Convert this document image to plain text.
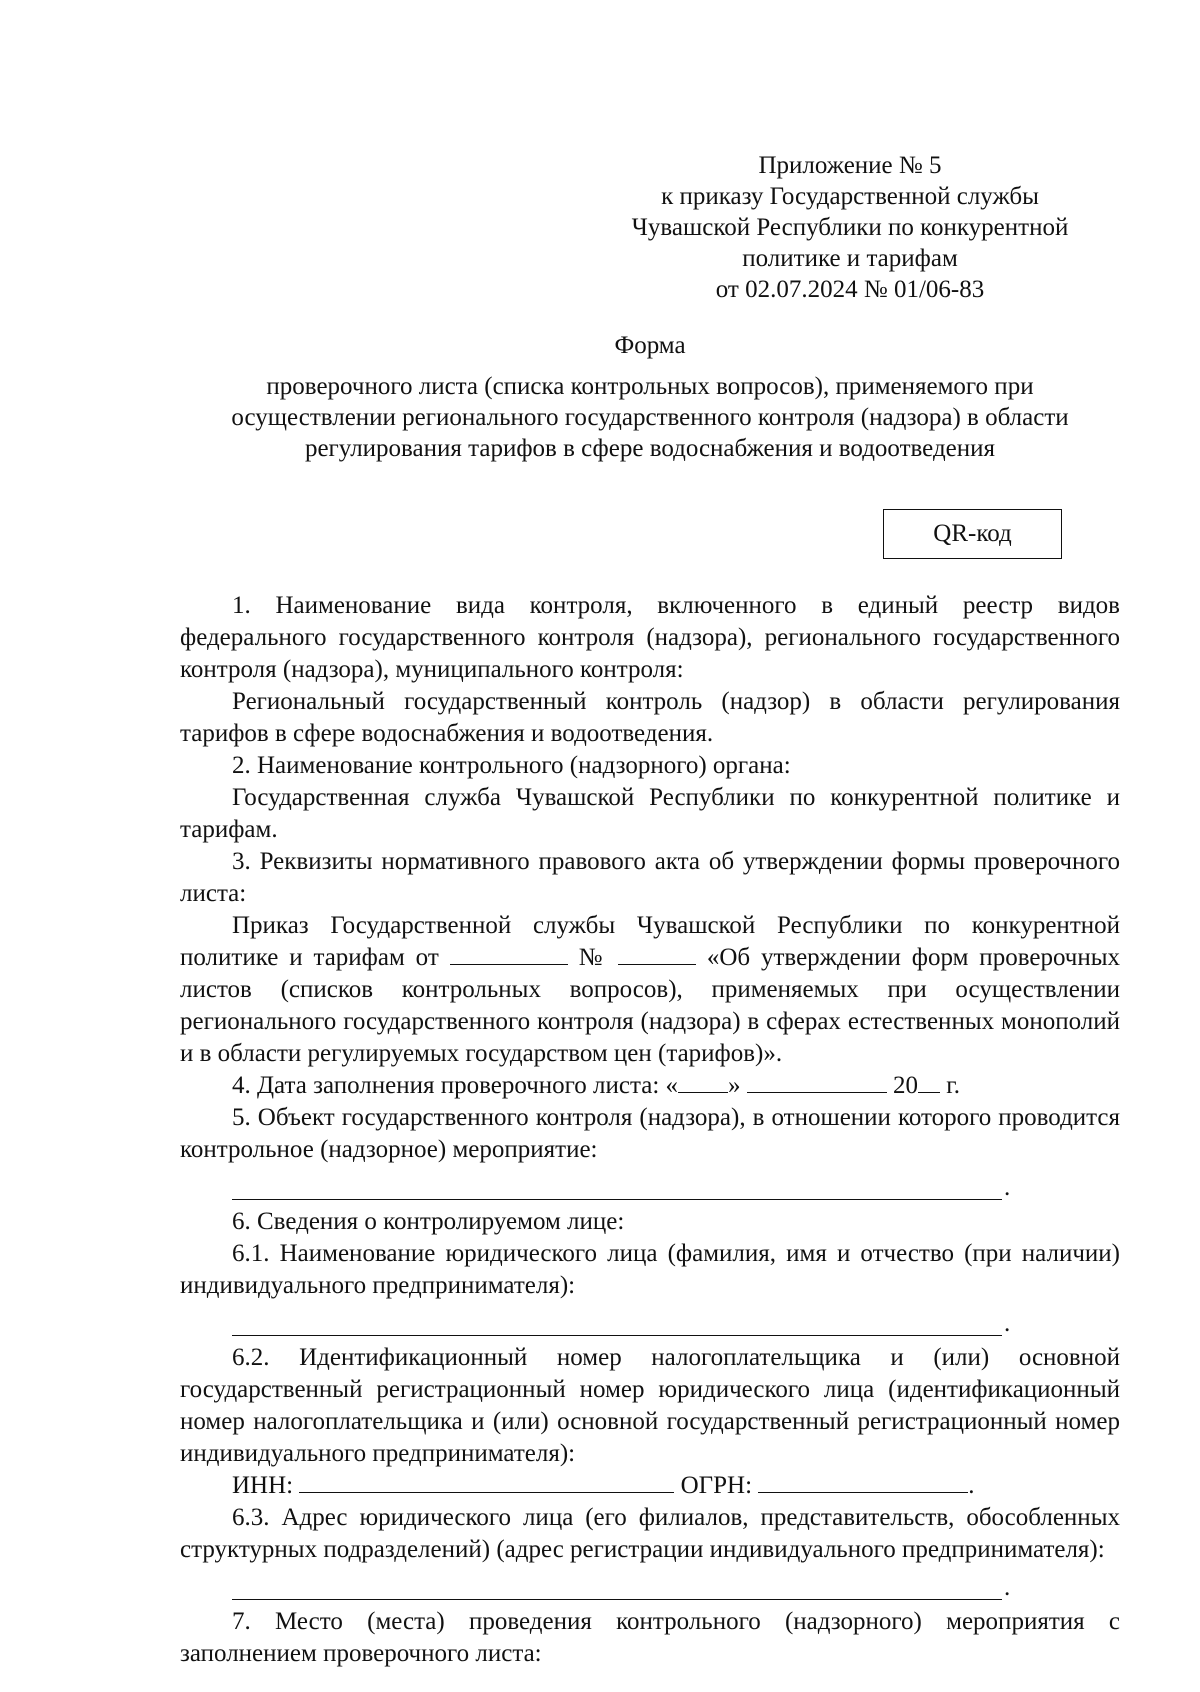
Приложение № 5
к приказу Государственной службы
Чувашской Республики по конкурентной
политике и тарифам
от 02.07.2024 № 01/06-83
Форма
проверочного листа (списка контрольных вопросов), применяемого при
осуществлении регионального государственного контроля (надзора) в области
регулирования тарифов в сфере водоснабжения и водоотведения
QR-код

1. Наименование вида контроля, включенного в единый реестр видов федерального государственного контроля (надзора), регионального государственного контроля (надзора), муниципального контроля:

Региональный государственный контроль (надзор) в области регулирования тарифов в сфере водоснабжения и водоотведения.

2. Наименование контрольного (надзорного) органа:

Государственная служба Чувашской Республики по конкурентной политике и тарифам.

3. Реквизиты нормативного правового акта об утверждении формы проверочного листа:

Приказ Государственной службы Чувашской Республики по конкурентной политике и тарифам от	№	«Об утверждении форм проверочных листов (списков контрольных вопросов), применяемых при осуществлении регионального государственного контроля (надзора) в сферах естественных монополий и в области регулируемых государством цен (тарифов)».

4. Дата заполнения проверочного листа: « »	20 г.

5. Объект государственного контроля (надзора), в отношении которого проводится контрольное (надзорное) мероприятие:

.

6. Сведения о контролируемом лице:

6.1. Наименование юридического лица (фамилия, имя и отчество (при наличии) индивидуального предпринимателя):

.

6.2. Идентификационный номер налогоплательщика и (или) основной государственный регистрационный номер юридического лица (идентификационный номер налогоплательщика и (или) основной государственный регистрационный номер индивидуального предпринимателя):

ИНН:	ОГРН:	.

6.3. Адрес юридического лица (его филиалов, представительств, обособленных структурных подразделений) (адрес регистрации индивидуального предпринимателя):

.

7. Место (места) проведения контрольного (надзорного) мероприятия с заполнением проверочного листа:
